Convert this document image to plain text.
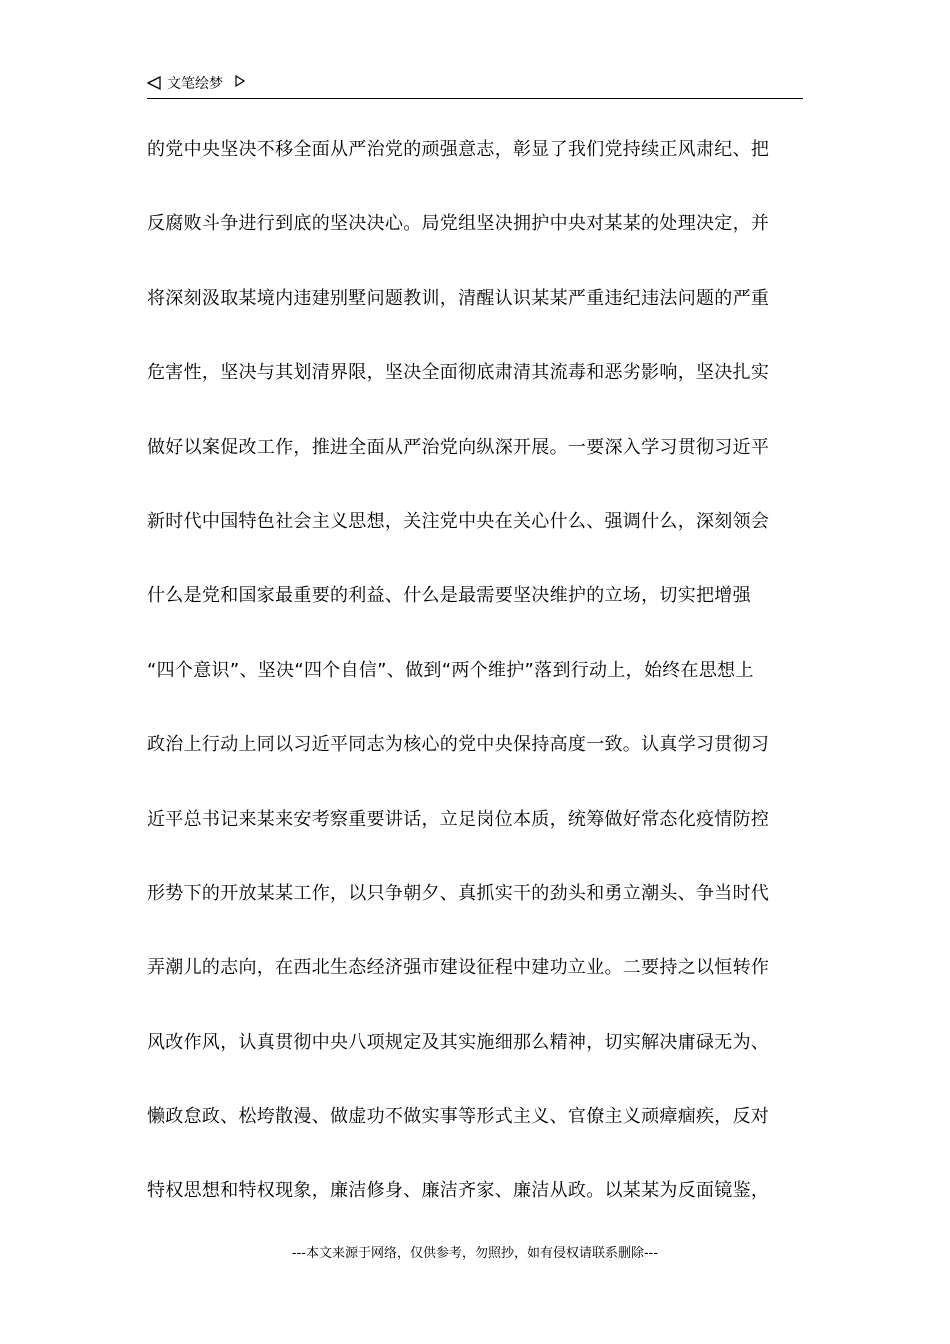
文笔绘梦
的党中央坚决不移全面从严治党的顽强意志，彰显了我们党持续正风肃纪、把
反腐败斗争进行到底的坚决决心。局党组坚决拥护中央对某某的处理决定，并
将深刻汲取某境内违建别墅问题教训，清醒认识某某严重违纪违法问题的严重
危害性，坚决与其划清界限，坚决全面彻底肃清其流毒和恶劣影响，坚决扎实
做好以案促改工作，推进全面从严治党向纵深开展。一要深入学习贯彻习近平
新时代中国特色社会主义思想，关注党中央在关心什么、强调什么，深刻领会
什么是党和国家最重要的利益、什么是最需要坚决维护的立场，切实把增强
“四个意识”、坚决“四个自信”、做到“两个维护”落到行动上，始终在思想上
政治上行动上同以习近平同志为核心的党中央保持高度一致。认真学习贯彻习
近平总书记来某来安考察重要讲话，立足岗位本质，统筹做好常态化疫情防控
形势下的开放某某工作，以只争朝夕、真抓实干的劲头和勇立潮头、争当时代
弄潮儿的志向，在西北生态经济强市建设征程中建功立业。二要持之以恒转作
风改作风，认真贯彻中央八项规定及其实施细那么精神，切实解决庸碌无为、
懒政怠政、松垮散漫、做虚功不做实事等形式主义、官僚主义顽瘴痼疾，反对
特权思想和特权现象，廉洁修身、廉洁齐家、廉洁从政。以某某为反面镜鉴，
---本文来源于网络，仅供参考，勿照抄，如有侵权请联系删除---
